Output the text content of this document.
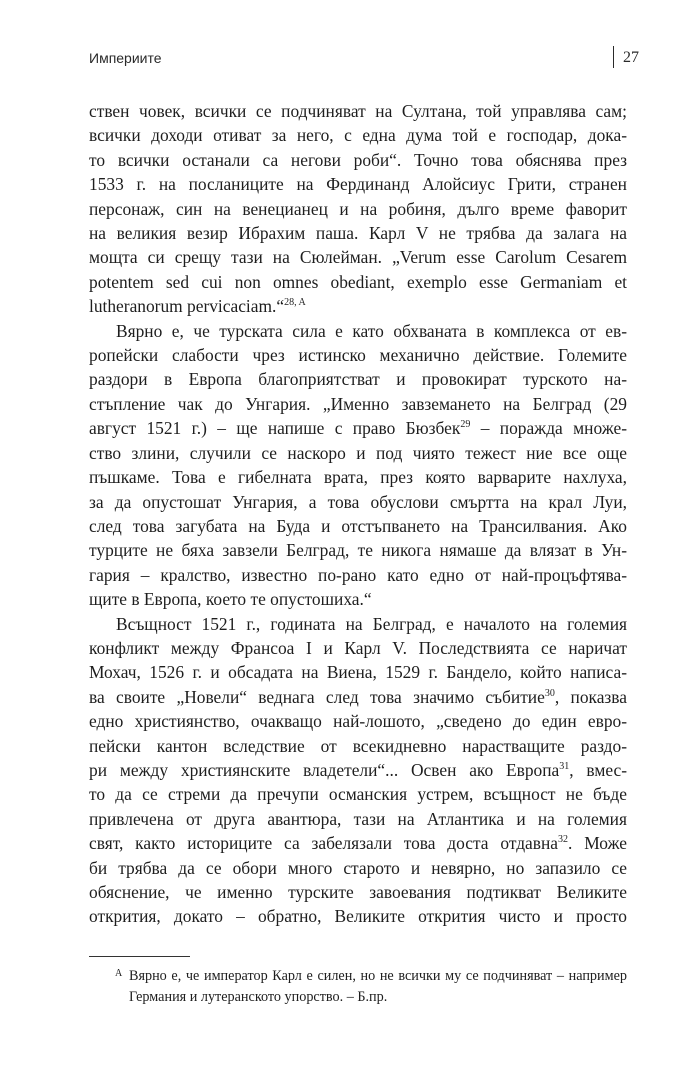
Империите	27

ствен човек, всички се подчиняват на Султана, той управлява сам;
всички доходи отиват за него, с една дума той е господар, дока-
то всички останали са негови роби“. Точно това обяснява през
1533 г. на посланиците на Фердинанд Алойсиус Грити, странен
персонаж, син на венецианец и на робиня, дълго време фаворит
на великия везир Ибрахим паша. Карл V не трябва да залага на
мощта си срещу тази на Сюлейман. „Verum esse Carolum Cesarem
potentem sed cui non omnes obediant, exemplo esse Germaniam et
lutheranorum pervicaciam.“$^{28, A}$

Вярно е, че турската сила е като обхваната в комплекса от ев-
ропейски слабости чрез истинско механично действие. Големите
раздори в Европа благоприятстват и провокират турското на-
стъпление чак до Унгария. „Именно завземането на Белград (29
август 1521 г.) – ще напише с право Бюзбек$^{29}$ – поражда множе-
ство злини, случили се наскоро и под чиято тежест ние все още
пъшкаме. Това е гибелната врата, през която варварите нахлуха,
за да опустошат Унгария, а това обуслови смъртта на крал Луи,
след това загубата на Буда и отстъпването на Трансилвания. Ако
турците не бяха завзели Белград, те никога нямаше да влязат в Ун-
гария – кралство, известно по-рано като едно от най-процъфтява-
щите в Европа, което те опустошиха.“

Всъщност 1521 г., годината на Белград, е началото на големия
конфликт между Франсоа I и Карл V. Последствията се наричат
Мохач, 1526 г. и обсадата на Виена, 1529 г. Бандело, който написа-
ва своите „Новели“ веднага след това значимо събитие$^{30}$, показва
едно християнство, очакващо най-лошото, „сведено до един евро-
пейски кантон вследствие от всекидневно нарастващите раздо-
ри между християнските владетели“... Освен ако Европа$^{31}$, вмес-
то да се стреми да пречупи османския устрем, всъщност не бъде
привлечена от друга авантюра, тази на Атлантика и на големия
свят, както историците са забелязали това доста отдавна$^{32}$. Може
би трябва да се обори много старото и невярно, но запазило се
обяснение, че именно турските завоевания подтикват Великите
открития, докато – обратно, Великите открития чисто и просто

A Вярно е, че император Карл е силен, но не всички му се подчиняват – например Германия и лутеранското упорство. – Б.пр.
